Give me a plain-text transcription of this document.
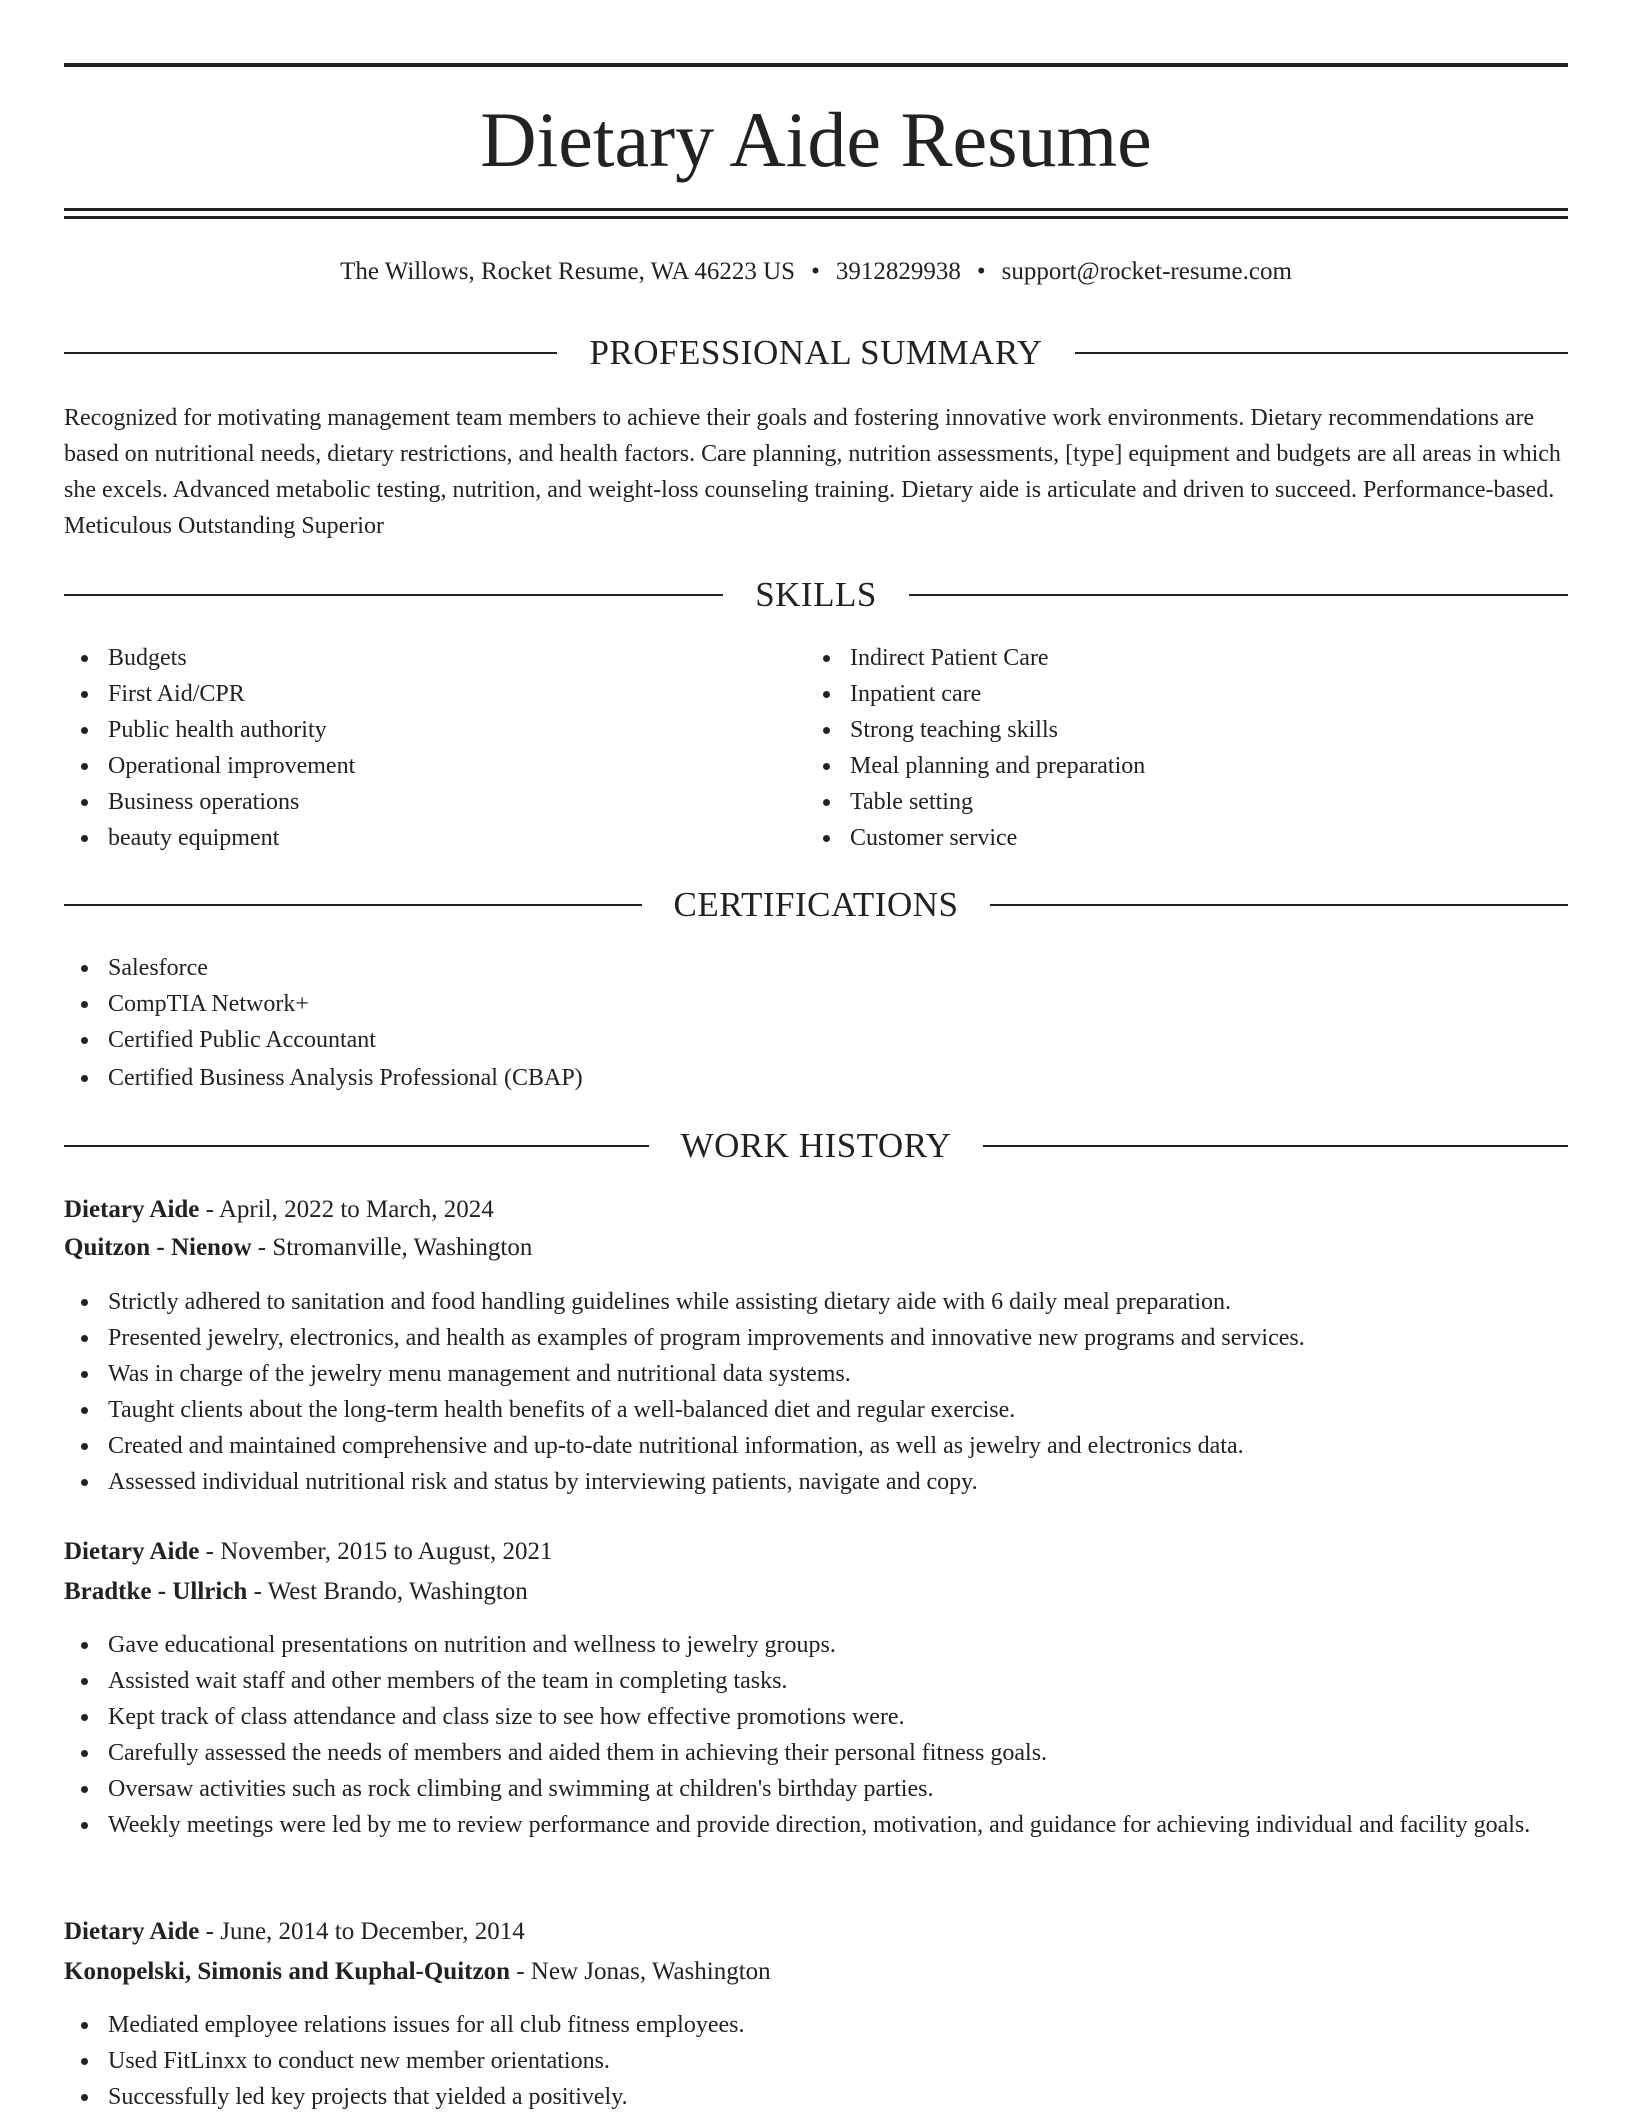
Dietary Aide Resume
The Willows, Rocket Resume, WA 46223 US • 3912829938 • support@rocket-resume.com
PROFESSIONAL SUMMARY

Recognized for motivating management team members to achieve their goals and fostering innovative work environments. Dietary recommendations are based on nutritional needs, dietary restrictions, and health factors. Care planning, nutrition assessments, [type] equipment and budgets are all areas in which she excels. Advanced metabolic testing, nutrition, and weight-loss counseling training. Dietary aide is articulate and driven to succeed. Performance-based. Meticulous Outstanding Superior

SKILLS
Budgets
First Aid/CPR
Public health authority
Operational improvement
Business operations
beauty equipment
Indirect Patient Care
Inpatient care
Strong teaching skills
Meal planning and preparation
Table setting
Customer service
CERTIFICATIONS
Salesforce
CompTIA Network+
Certified Public Accountant
Certified Business Analysis Professional (CBAP)
WORK HISTORY
Dietary Aide - April, 2022 to March, 2024
Quitzon - Nienow - Stromanville, Washington
Strictly adhered to sanitation and food handling guidelines while assisting dietary aide with 6 daily meal preparation.
Presented jewelry, electronics, and health as examples of program improvements and innovative new programs and services.
Was in charge of the jewelry menu management and nutritional data systems.
Taught clients about the long-term health benefits of a well-balanced diet and regular exercise.
Created and maintained comprehensive and up-to-date nutritional information, as well as jewelry and electronics data.
Assessed individual nutritional risk and status by interviewing patients, navigate and copy.
Dietary Aide - November, 2015 to August, 2021
Bradtke - Ullrich - West Brando, Washington
Gave educational presentations on nutrition and wellness to jewelry groups.
Assisted wait staff and other members of the team in completing tasks.
Kept track of class attendance and class size to see how effective promotions were.
Carefully assessed the needs of members and aided them in achieving their personal fitness goals.
Oversaw activities such as rock climbing and swimming at children's birthday parties.
Weekly meetings were led by me to review performance and provide direction, motivation, and guidance for achieving individual and facility goals.
Dietary Aide - June, 2014 to December, 2014
Konopelski, Simonis and Kuphal-Quitzon - New Jonas, Washington
Mediated employee relations issues for all club fitness employees.
Used FitLinxx to conduct new member orientations.
Successfully led key projects that yielded a positively.
